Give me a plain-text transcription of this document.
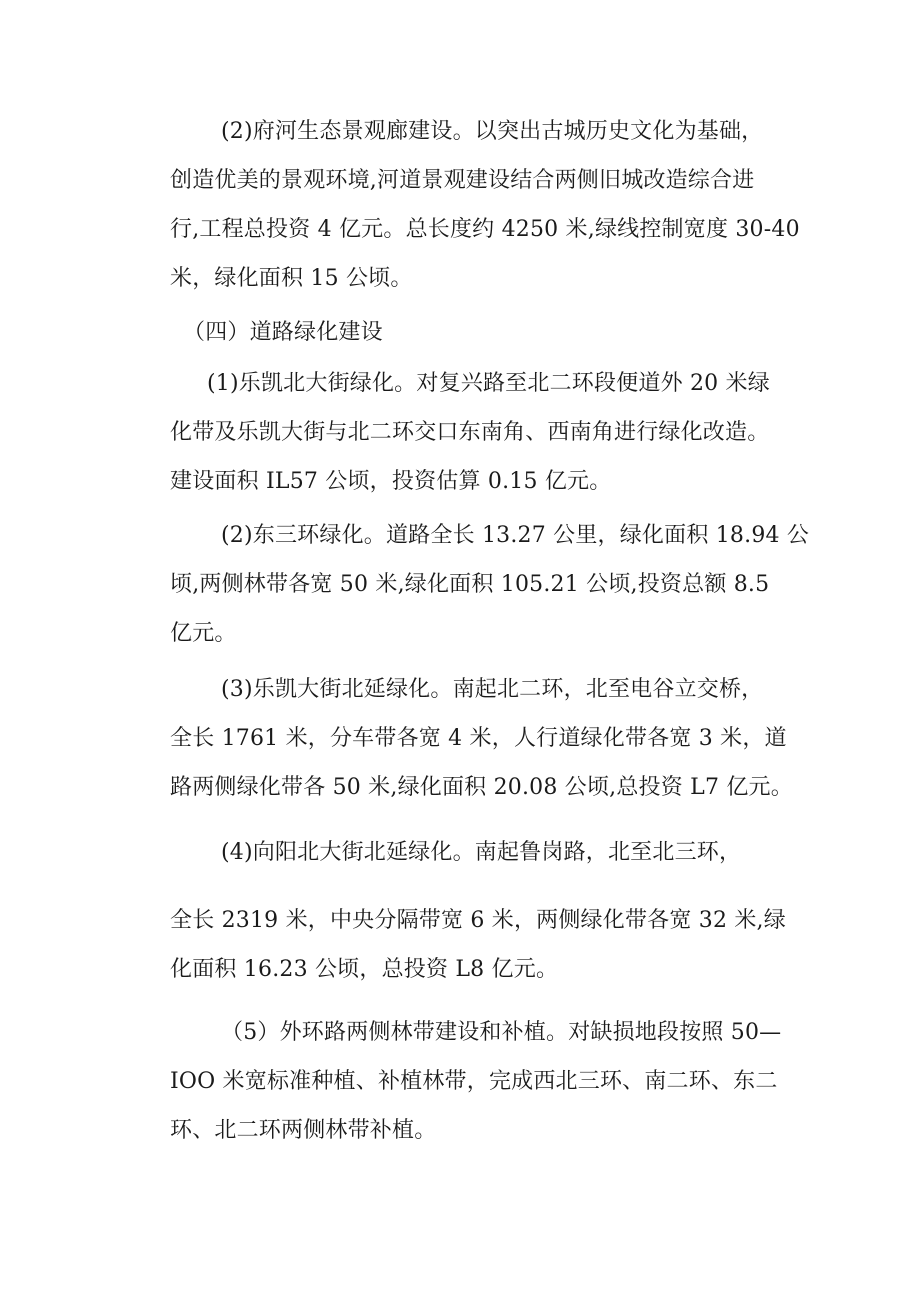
(2)府河生态景观廊建设。以突出古城历史文化为基础，
创造优美的景观环境,河道景观建设结合两侧旧城改造综合进
行,工程总投资 4 亿元。总长度约 4250 米,绿线控制宽度 30-40
米，绿化面积 15 公顷。
（四）道路绿化建设
(1)乐凯北大街绿化。对复兴路至北二环段便道外 20 米绿
化带及乐凯大街与北二环交口东南角、西南角进行绿化改造。
建设面积 IL57 公顷，投资估算 0.15 亿元。
(2)东三环绿化。道路全长 13.27 公里，绿化面积 18.94 公
顷,两侧林带各宽 50 米,绿化面积 105.21 公顷,投资总额 8.5
亿元。
(3)乐凯大街北延绿化。南起北二环，北至电谷立交桥，
全长 1761 米，分车带各宽 4 米，人行道绿化带各宽 3 米，道
路两侧绿化带各 50 米,绿化面积 20.08 公顷,总投资 L7 亿元。
(4)向阳北大街北延绿化。南起鲁岗路，北至北三环，
全长 2319 米，中央分隔带宽 6 米，两侧绿化带各宽 32 米,绿
化面积 16.23 公顷，总投资 L8 亿元。
（5）外环路两侧林带建设和补植。对缺损地段按照 50—
IOO 米宽标准种植、补植林带，完成西北三环、南二环、东二
环、北二环两侧林带补植。
